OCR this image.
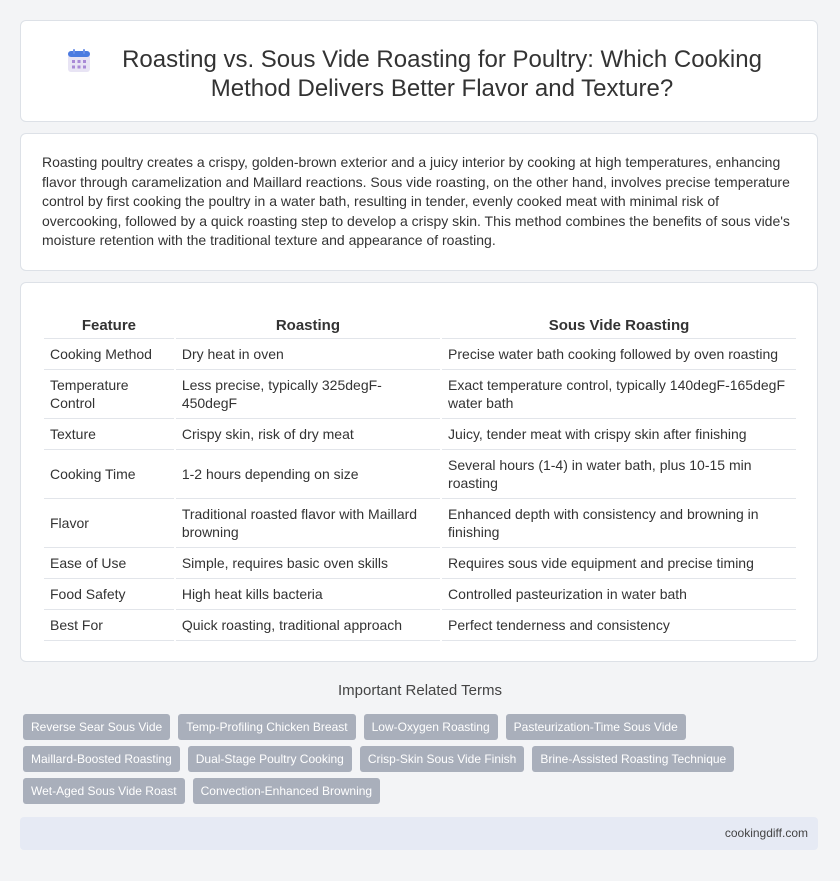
Roasting vs. Sous Vide Roasting for Poultry: Which Cooking Method Delivers Better Flavor and Texture?

Roasting poultry creates a crispy, golden-brown exterior and a juicy interior by cooking at high temperatures, enhancing flavor through caramelization and Maillard reactions. Sous vide roasting, on the other hand, involves precise temperature control by first cooking the poultry in a water bath, resulting in tender, evenly cooked meat with minimal risk of overcooking, followed by a quick roasting step to develop a crispy skin. This method combines the benefits of sous vide's moisture retention with the traditional texture and appearance of roasting.

Feature	Roasting	Sous Vide Roasting
Cooking Method	Dry heat in oven	Precise water bath cooking followed by oven roasting
Temperature Control	Less precise, typically 325degF-450degF	Exact temperature control, typically 140degF-165degF water bath
Texture	Crispy skin, risk of dry meat	Juicy, tender meat with crispy skin after finishing
Cooking Time	1-2 hours depending on size	Several hours (1-4) in water bath, plus 10-15 min roasting
Flavor	Traditional roasted flavor with Maillard browning	Enhanced depth with consistency and browning in finishing
Ease of Use	Simple, requires basic oven skills	Requires sous vide equipment and precise timing
Food Safety	High heat kills bacteria	Controlled pasteurization in water bath
Best For	Quick roasting, traditional approach	Perfect tenderness and consistency
Important Related Terms
Reverse Sear Sous Vide	Temp-Profiling Chicken Breast	Low-Oxygen Roasting	Pasteurization-Time Sous Vide
Maillard-Boosted Roasting	Dual-Stage Poultry Cooking	Crisp-Skin Sous Vide Finish	Brine-Assisted Roasting Technique
Wet-Aged Sous Vide Roast	Convection-Enhanced Browning
cookingdiff.com
